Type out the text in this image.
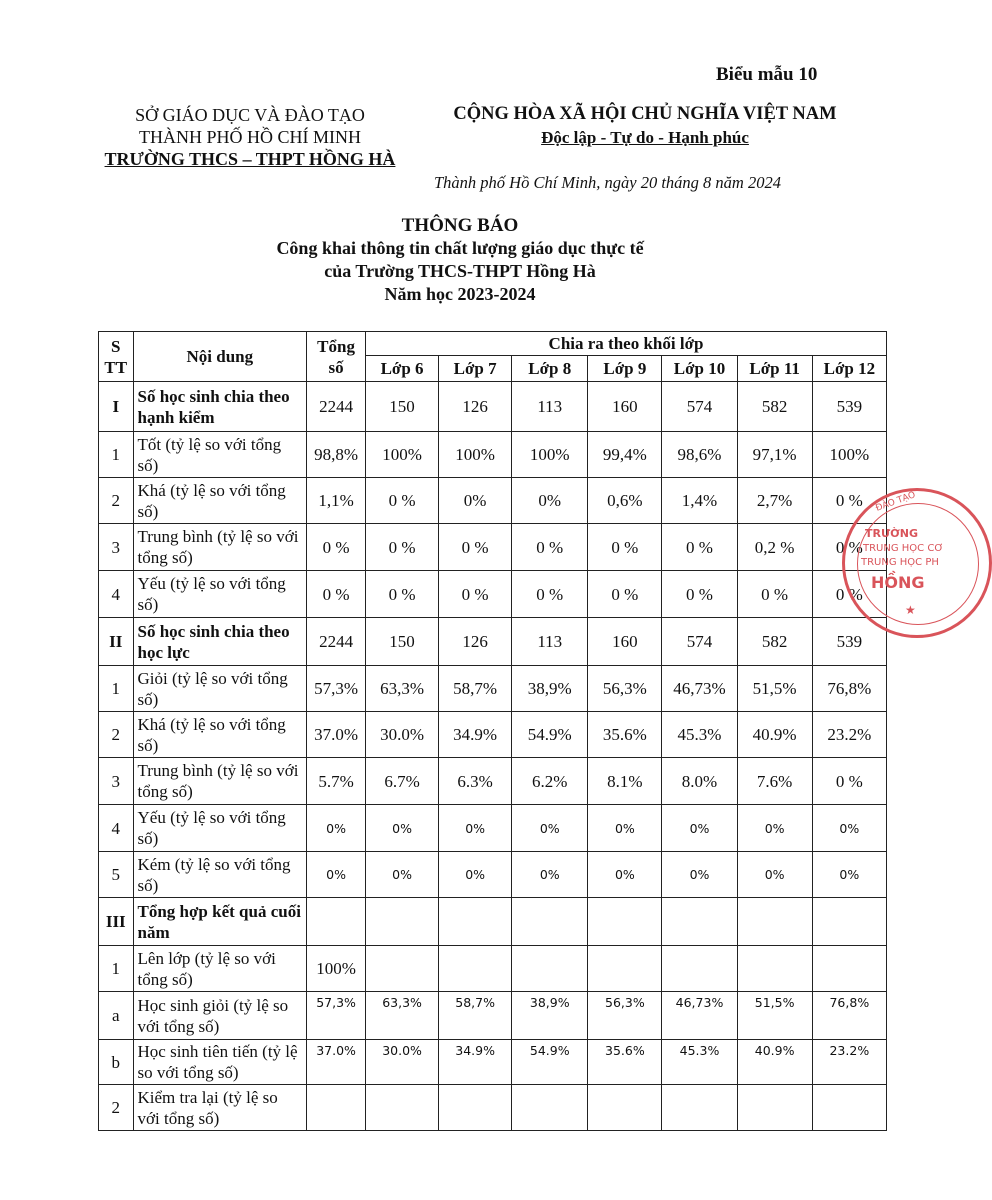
Biểu mẫu 10
SỞ GIÁO DỤC VÀ ĐÀO TẠO
THÀNH PHỐ HỒ CHÍ MINH
TRƯỜNG THCS – THPT HỒNG HÀ
CỘNG HÒA XÃ HỘI CHỦ NGHĨA VIỆT NAM
Độc lập - Tự do - Hạnh phúc
Thành phố Hồ Chí Minh, ngày 20 tháng 8 năm 2024
THÔNG BÁO
Công khai thông tin chất lượng giáo dục thực tế
của Trường THCS-THPT Hồng Hà
Năm học 2023-2024
S TT	Nội dung	Tổng số	Chia ra theo khối lớp						
			Lớp 6	Lớp 7	Lớp 8	Lớp 9	Lớp 10	Lớp 11	Lớp 12
I	Số học sinh chia theo hạnh kiểm	2244	150	126	113	160	574	582	539
1	Tốt (tỷ lệ so với tổng số)	98,8%	100%	100%	100%	99,4%	98,6%	97,1%	100%
2	Khá (tỷ lệ so với tổng số)	1,1%	0 %	0%	0%	0,6%	1,4%	2,7%	0 %
3	Trung bình (tỷ lệ so với tổng số)	0 %	0 %	0 %	0 %	0 %	0 %	0,2 %	0 %
4	Yếu (tỷ lệ so với tổng số)	0 %	0 %	0 %	0 %	0 %	0 %	0 %	0 %
II	Số học sinh chia theo học lực	2244	150	126	113	160	574	582	539
1	Giỏi (tỷ lệ so với tổng số)	57,3%	63,3%	58,7%	38,9%	56,3%	46,73%	51,5%	76,8%
2	Khá (tỷ lệ so với tổng số)	37.0%	30.0%	34.9%	54.9%	35.6%	45.3%	40.9%	23.2%
3	Trung bình (tỷ lệ so với tổng số)	5.7%	6.7%	6.3%	6.2%	8.1%	8.0%	7.6%	0 %
4	Yếu (tỷ lệ so với tổng số)	0%	0%	0%	0%	0%	0%	0%	0%
5	Kém (tỷ lệ so với tổng số)	0%	0%	0%	0%	0%	0%	0%	0%
III	Tổng hợp kết quả cuối năm								
1	Lên lớp (tỷ lệ so với tổng số)	100%							
a	Học sinh giỏi (tỷ lệ so với tổng số)	57,3%	63,3%	58,7%	38,9%	56,3%	46,73%	51,5%	76,8%
b	Học sinh tiên tiến (tỷ lệ so với tổng số)	37.0%	30.0%	34.9%	54.9%	35.6%	45.3%	40.9%	23.2%
2	Kiểm tra lại (tỷ lệ so với tổng số)								
ĐÀO TẠO
TRƯỜNG
TRUNG HỌC CƠ
TRUNG HỌC PH
HỒNG
★
